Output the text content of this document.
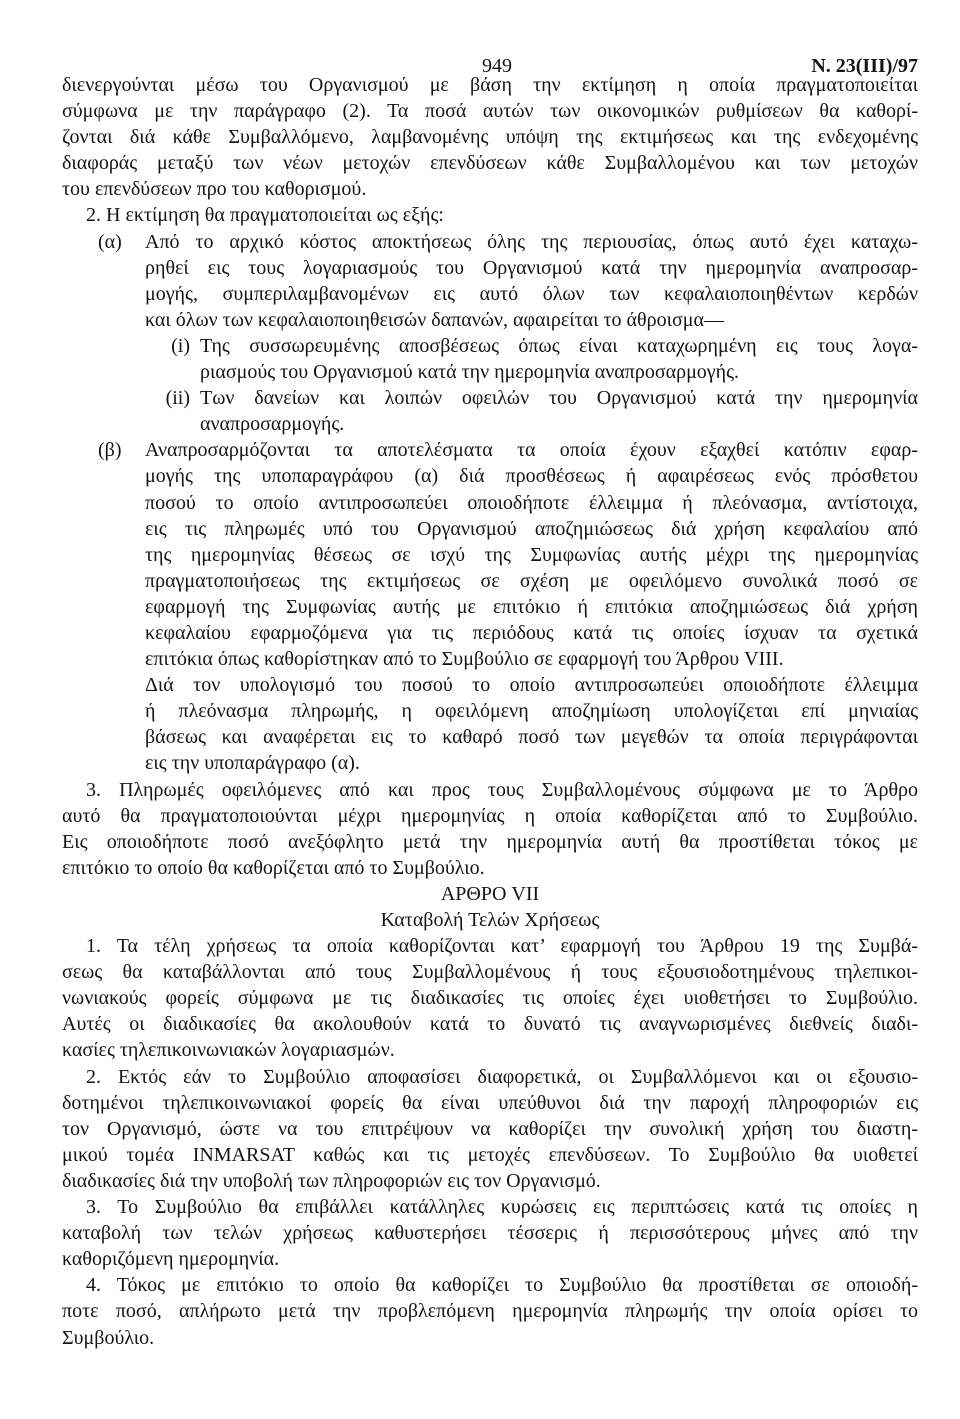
949	Ν. 23(ΙΙΙ)/97
διενεργούνται μέσω του Οργανισμού με βάση την εκτίμηση η οποία πραγματοποιείται
σύμφωνα με την παράγραφο (2). Τα ποσά αυτών των οικονομικών ρυθμίσεων θα καθορί-
ζονται διά κάθε Συμβαλλόμενο, λαμβανομένης υπόψη της εκτιμήσεως και της ενδεχομένης
διαφοράς μεταξύ των νέων μετοχών επενδύσεων κάθε Συμβαλλομένου και των μετοχών
του επενδύσεων προ του καθορισμού.
2. Η εκτίμηση θα πραγματοποιείται ως εξής:
(α)	Από το αρχικό κόστος αποκτήσεως όλης της περιουσίας, όπως αυτό έχει καταχω-
ρηθεί εις τους λογαριασμούς του Οργανισμού κατά την ημερομηνία αναπροσαρ-
μογής, συμπεριλαμβανομένων εις αυτό όλων των κεφαλαιοποιηθέντων κερδών
και όλων των κεφαλαιοποιηθεισών δαπανών, αφαιρείται το άθροισμα—
(i) Της συσσωρευμένης αποσβέσεως όπως είναι καταχωρημένη εις τους λογα-
ριασμούς του Οργανισμού κατά την ημερομηνία αναπροσαρμογής.
(ii) Των δανείων και λοιπών οφειλών του Οργανισμού κατά την ημερομηνία
αναπροσαρμογής.
(β)	Αναπροσαρμόζονται τα αποτελέσματα τα οποία έχουν εξαχθεί κατόπιν εφαρ-
μογής της υποπαραγράφου (α) διά προσθέσεως ή αφαιρέσεως ενός πρόσθετου
ποσού το οποίο αντιπροσωπεύει οποιοδήποτε έλλειμμα ή πλεόνασμα, αντίστοιχα,
εις τις πληρωμές υπό του Οργανισμού αποζημιώσεως διά χρήση κεφαλαίου από
της ημερομηνίας θέσεως σε ισχύ της Συμφωνίας αυτής μέχρι της ημερομηνίας
πραγματοποιήσεως της εκτιμήσεως σε σχέση με οφειλόμενο συνολικά ποσό σε
εφαρμογή της Συμφωνίας αυτής με επιτόκιο ή επιτόκια αποζημιώσεως διά χρήση
κεφαλαίου εφαρμοζόμενα για τις περιόδους κατά τις οποίες ίσχυαν τα σχετικά
επιτόκια όπως καθορίστηκαν από το Συμβούλιο σε εφαρμογή του Άρθρου VIII.
Διά τον υπολογισμό του ποσού το οποίο αντιπροσωπεύει οποιοδήποτε έλλειμμα
ή πλεόνασμα πληρωμής, η οφειλόμενη αποζημίωση υπολογίζεται επί μηνιαίας
βάσεως και αναφέρεται εις το καθαρό ποσό των μεγεθών τα οποία περιγράφονται
εις την υποπαράγραφο (α).
3. Πληρωμές οφειλόμενες από και προς τους Συμβαλλομένους σύμφωνα με το Άρθρο
αυτό θα πραγματοποιούνται μέχρι ημερομηνίας η οποία καθορίζεται από το Συμβούλιο.
Εις οποιοδήποτε ποσό ανεξόφλητο μετά την ημερομηνία αυτή θα προστίθεται τόκος με
επιτόκιο το οποίο θα καθορίζεται από το Συμβούλιο.
ΑΡΘΡΟ VII
Καταβολή Τελών Χρήσεως
1. Τα τέλη χρήσεως τα οποία καθορίζονται κατ’ εφαρμογή του Άρθρου 19 της Συμβά-
σεως θα καταβάλλονται από τους Συμβαλλομένους ή τους εξουσιοδοτημένους τηλεπικοι-
νωνιακούς φορείς σύμφωνα με τις διαδικασίες τις οποίες έχει υιοθετήσει το Συμβούλιο.
Αυτές οι διαδικασίες θα ακολουθούν κατά το δυνατό τις αναγνωρισμένες διεθνείς διαδι-
κασίες τηλεπικοινωνιακών λογαριασμών.
2. Εκτός εάν το Συμβούλιο αποφασίσει διαφορετικά, οι Συμβαλλόμενοι και οι εξουσιο-
δοτημένοι τηλεπικοινωνιακοί φορείς θα είναι υπεύθυνοι διά την παροχή πληροφοριών εις
τον Οργανισμό, ώστε να του επιτρέψουν να καθορίζει την συνολική χρήση του διαστη-
μικού τομέα INMARSAT καθώς και τις μετοχές επενδύσεων. Το Συμβούλιο θα υιοθετεί
διαδικασίες διά την υποβολή των πληροφοριών εις τον Οργανισμό.
3. Το Συμβούλιο θα επιβάλλει κατάλληλες κυρώσεις εις περιπτώσεις κατά τις οποίες η
καταβολή των τελών χρήσεως καθυστερήσει τέσσερις ή περισσότερους μήνες από την
καθοριζόμενη ημερομηνία.
4. Τόκος με επιτόκιο το οποίο θα καθορίζει το Συμβούλιο θα προστίθεται σε οποιοδή-
ποτε ποσό, απλήρωτο μετά την προβλεπόμενη ημερομηνία πληρωμής την οποία ορίσει το
Συμβούλιο.
